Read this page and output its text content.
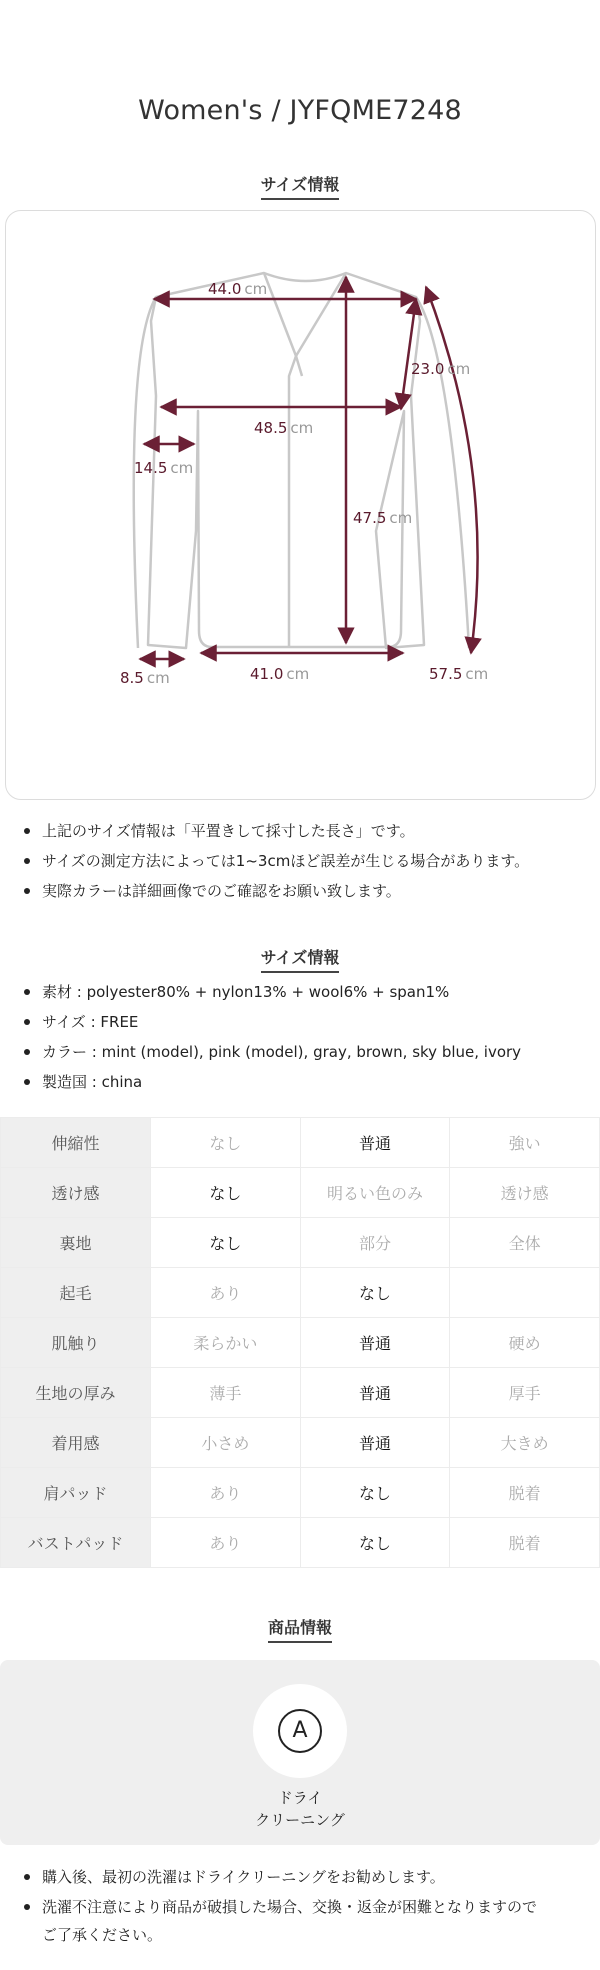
Women's / JYFQME7248
サイズ情報
44.0 cm
23.0 cm
48.5 cm
14.5 cm
47.5 cm
8.5 cm	41.0 cm	57.5 cm
上記のサイズ情報は「平置きして採寸した長さ」です。
サイズの測定方法によっては1~3cmほど誤差が生じる場合があります。
実際カラーは詳細画像でのご確認をお願い致します。
サイズ情報
素材 : polyester80% + nylon13% + wool6% + span1%
サイズ : FREE
カラー : mint (model), pink (model), gray, brown, sky blue, ivory
製造国 : china
伸縮性	なし	普通	強い
透け感	なし	明るい色のみ	透け感
裏地	なし	部分	全体
起毛	あり	なし	
肌触り	柔らかい	普通	硬め
生地の厚み	薄手	普通	厚手
着用感	小さめ	普通	大きめ
肩パッド	あり	なし	脱着
バストパッド	あり	なし	脱着
商品情報
A
ドライ
クリーニング
購入後、最初の洗濯はドライクリーニングをお勧めします。
洗濯不注意により商品が破損した場合、交換・返金が困難となりますので
ご了承ください。
